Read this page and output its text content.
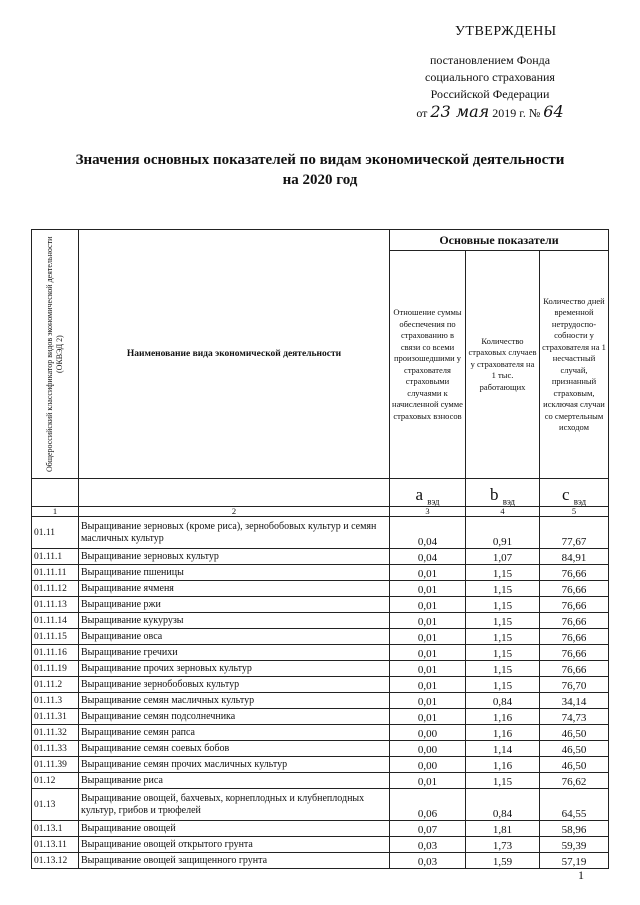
УТВЕРЖДЕНЫ
постановлением Фонда
социального страхования
Российской Федерации
от 23 мая 2019 г. № 64
Значения основных показателей по видам экономической деятельности
на 2020 год
Общероссийский классификатор видов экономической деятельности (ОКВЭД 2)	Наименование вида экономической деятельности	Основные показатели		
		Отношение суммы обеспечения по страхованию в связи со всеми произошедшими у страхователя страховыми случаями к начисленной сумме страховых взносов	Количество страховых случаев у страхователя на 1 тыс. работающих	Количество дней временной нетрудоспо-собности у страхователя на 1 несчастный случай, признанный страховым, исключая случаи со смертельным исходом
		a $_{вэд}$	b $_{вэд}$	c $_{вэд}$
1	2	3	4	5
01.11	Выращивание зерновых (кроме риса), зернобобовых культур и семян масличных культур	0,04	0,91	77,67
01.11.1	Выращивание зерновых культур	0,04	1,07	84,91
01.11.11	Выращивание пшеницы	0,01	1,15	76,66
01.11.12	Выращивание ячменя	0,01	1,15	76,66
01.11.13	Выращивание ржи	0,01	1,15	76,66
01.11.14	Выращивание кукурузы	0,01	1,15	76,66
01.11.15	Выращивание овса	0,01	1,15	76,66
01.11.16	Выращивание гречихи	0,01	1,15	76,66
01.11.19	Выращивание прочих зерновых культур	0,01	1,15	76,66
01.11.2	Выращивание зернобобовых культур	0,01	1,15	76,70
01.11.3	Выращивание семян масличных культур	0,01	0,84	34,14
01.11.31	Выращивание семян подсолнечника	0,01	1,16	74,73
01.11.32	Выращивание семян рапса	0,00	1,16	46,50
01.11.33	Выращивание семян соевых бобов	0,00	1,14	46,50
01.11.39	Выращивание семян прочих масличных культур	0,00	1,16	46,50
01.12	Выращивание риса	0,01	1,15	76,62
01.13	Выращивание овощей, бахчевых, корнеплодных и клубнеплодных культур, грибов и трюфелей	0,06	0,84	64,55
01.13.1	Выращивание овощей	0,07	1,81	58,96
01.13.11	Выращивание овощей открытого грунта	0,03	1,73	59,39
01.13.12	Выращивание овощей защищенного грунта	0,03	1,59	57,19
1
